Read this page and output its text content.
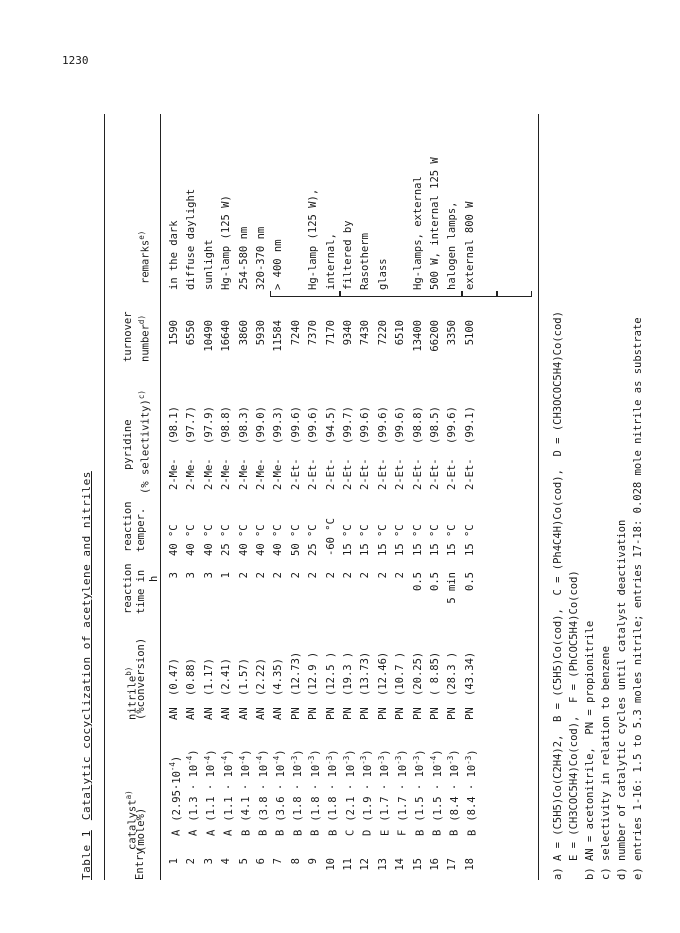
1230
Table 1Catalytic cocyclization of acetylene and nitriles
Entry
catalyst$^{a)}$
(mole%)
nitrile$^{b)}$ (%conversion)
reaction time in h
reaction temper.
pyridine (% selectivity)$^{c)}$
turnover number$^{d)}$
remarks$^{e)}$
1
AN
3
40 °C
1590
in the dark
$A(2.95\cdot 10^{-4})$
(0.47)
2-Me-
(98.1)
2
AN
3
40 °C
6550
diffuse daylight
$A(1.3 \cdot 10^{-4})$
(0.88)
2-Me-
(97.7)
3
AN
3
40 °C
10490
sunlight
$A(1.1 \cdot 10^{-4})$
(1.17)
2-Me-
(97.9)
4
AN
1
25 °C
16640
Hg-lamp (125 W)
$A(1.1 \cdot 10^{-4})$
(2.41)
2-Me-
(98.8)
5
AN
2
40 °C
3860
254-580 nm
$B(4.1 \cdot 10^{-4})$
(1.57)
2-Me-
(98.3)
6
AN
2
40 °C
5930
320-370 nm
$B(3.8 \cdot 10^{-4})$
(2.22)
2-Me-
(99.0)
7
AN
2
40 °C
11584
> 400 nm
$B(3.6 \cdot 10^{-4})$
(4.35)
2-Me-
(99.3)
8
PN
2
50 °C
7240
$B(1.8 \cdot 10^{-3})$
(12.73)
2-Et-
(99.6)
9
PN
2
25 °C
7370
Hg-lamp (125 W),
$B(1.8 \cdot 10^{-3})$
(12.9 )
2-Et-
(99.6)
10
PN
2
-60 °C
7170
internal,
$B(1.8 \cdot 10^{-3})$
(12.5 )
2-Et-
(94.5)
11
PN
2
15 °C
9340
filtered by
$C(2.1 \cdot 10^{-3})$
(19.3 )
2-Et-
(99.7)
12
PN
2
15 °C
7430
Rasotherm
$D(1.9 \cdot 10^{-3})$
(13.73)
2-Et-
(99.6)
13
PN
2
15 °C
7220
glass
$E(1.7 \cdot 10^{-3})$
(12.46)
2-Et-
(99.6)
14
PN
2
15 °C
6510
$F(1.7 \cdot 10^{-3})$
(10.7 )
2-Et-
(99.6)
15
PN
0.5
15 °C
13400
Hg-lamps, external
$B(1.5 \cdot 10^{-3})$
(20.25)
2-Et-
(98.8)
16
PN
0.5
15 °C
66200
500 W, internal 125 W
$B(1.5 \cdot 10^{-4})$
( 8.85)
2-Et-
(98.5)
17
PN
5 min
15 °C
3350
halogen lamps,
$B(8.4 \cdot 10^{-3})$
(28.3 )
2-Et-
(99.6)
18
PN
0.5
15 °C
5100
external 800 W
$B(8.4 \cdot 10^{-3})$
(43.34)
2-Et-
(99.1)	a) A = (C5H5)Co(C2H4)2,  B = (C5H5)Co(cod),  C = (Ph4C4H)Co(cod),  D = (CH3OCOC5H4)Co(cod) E = (CH3COC5H4)Co(cod),  F = (PhCOC5H4)Co(cod) b) AN = acetonitrile,  PN = propionitrile c) selectivity in relation to benzene d) number of catalytic cycles until catalyst deactivation e) entries 1-16: 1.5 to 5.3 moles nitrile; entries 17-18: 0.028 mole nitrile as substrate
